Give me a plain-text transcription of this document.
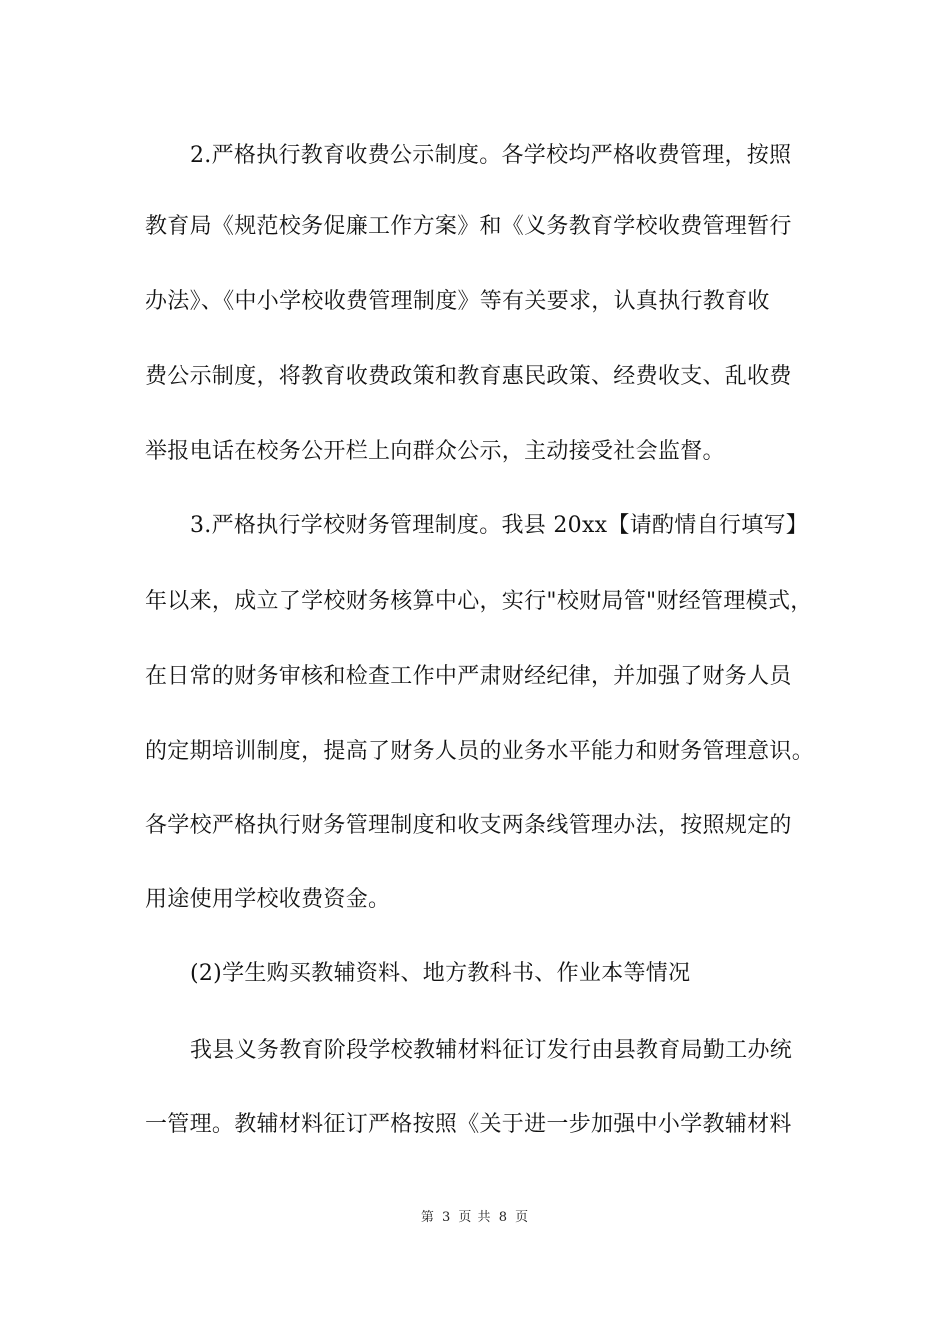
2.严格执行教育收费公示制度。各学校均严格收费管理，按照
教育局《规范校务促廉工作方案》和《义务教育学校收费管理暂行
办法》、《中小学校收费管理制度》等有关要求，认真执行教育收
费公示制度，将教育收费政策和教育惠民政策、经费收支、乱收费
举报电话在校务公开栏上向群众公示，主动接受社会监督。
3.严格执行学校财务管理制度。我县 20xx【请酌情自行填写】
年以来，成立了学校财务核算中心，实行"校财局管"财经管理模式，
在日常的财务审核和检查工作中严肃财经纪律，并加强了财务人员
的定期培训制度，提高了财务人员的业务水平能力和财务管理意识。
各学校严格执行财务管理制度和收支两条线管理办法，按照规定的
用途使用学校收费资金。
(2)学生购买教辅资料、地方教科书、作业本等情况
我县义务教育阶段学校教辅材料征订发行由县教育局勤工办统
一管理。教辅材料征订严格按照《关于进一步加强中小学教辅材料
第 3 页 共 8 页
